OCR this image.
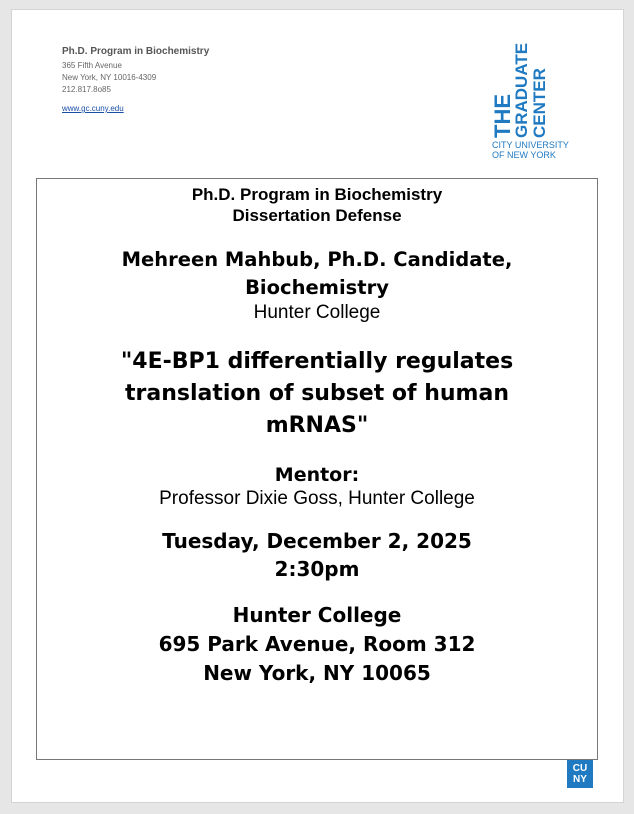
Ph.D. Program in Biochemistry
365 Fifth Avenue
New York, NY 10016-4309
212.817.8o85
www.gc.cuny.edu	THE
GRADUATE CENTER
CITY UNIVERSITY
OF NEW YORK

Ph.D. Program in Biochemistry
Dissertation Defense

Mehreen Mahbub, Ph.D. Candidate,
Biochemistry

Hunter College

"4E-BP1 differentially regulates
translation of subset of human
mRNAS"

Mentor:

Professor Dixie Goss, Hunter College

Tuesday, December 2, 2025
2:30pm

Hunter College
695 Park Avenue, Room 312
New York, NY 10065

CU
NY
